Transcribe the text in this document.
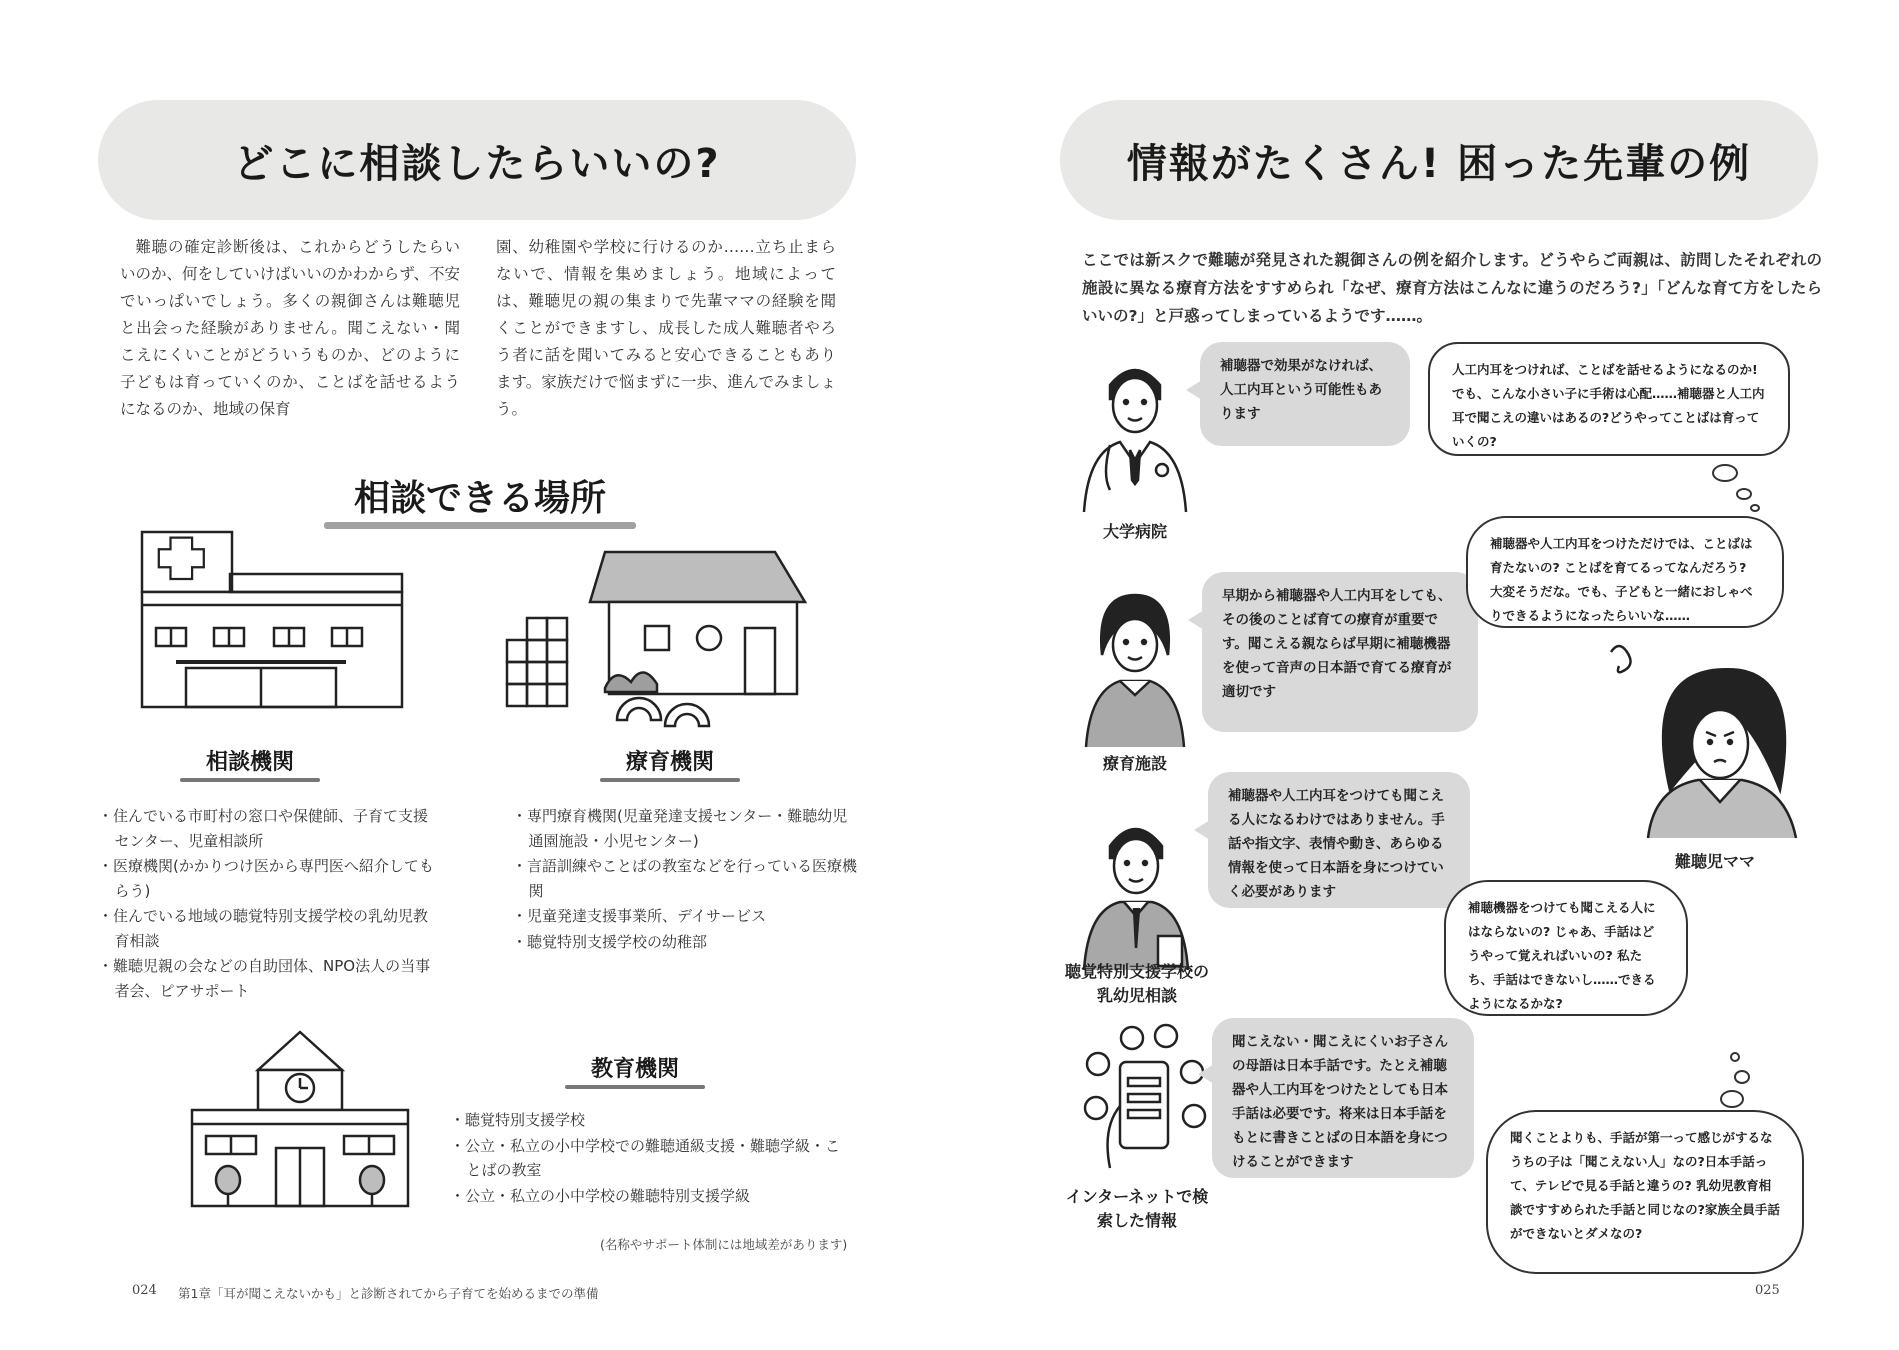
どこに相談したらいいの?

難聴の確定診断後は、これからどうしたらいいのか、何をしていけばいいのかわからず、不安でいっぱいでしょう。多くの親御さんは難聴児と出会った経験がありません。聞こえない・聞こえにくいことがどういうものか、どのように子どもは育っていくのか、ことばを話せるようになるのか、地域の保育

園、幼稚園や学校に行けるのか……立ち止まらないで、情報を集めましょう。地域によっては、難聴児の親の集まりで先輩ママの経験を聞くことができますし、成長した成人難聴者やろう者に話を聞いてみると安心できることもあります。家族だけで悩まずに一歩、進んでみましょう。

相談できる場所
相談機関
・ 住んでいる市町村の窓口や保健師、子育て支援センター、児童相談所
・ 医療機関(かかりつけ医から専門医へ紹介してもらう)
・ 住んでいる地域の聴覚特別支援学校の乳幼児教育相談
・ 難聴児親の会などの自助団体、NPO法人の当事者会、ピアサポート
療育機関
・ 専門療育機関(児童発達支援センター・難聴幼児通園施設・小児センター)
・ 言語訓練やことばの教室などを行っている医療機関
・ 児童発達支援事業所、デイサービス
・ 聴覚特別支援学校の幼稚部
教育機関
・ 聴覚特別支援学校
・ 公立・私立の小中学校での難聴通級支援・難聴学級・ことばの教室
・ 公立・私立の小中学校の難聴特別支援学級
(名称やサポート体制には地域差があります)
024 第1章「耳が聞こえないかも」と診断されてから子育てを始めるまでの準備
情報がたくさん! 困った先輩の例

ここでは新スクで難聴が発見された親御さんの例を紹介します。どうやらご両親は、訪問したそれぞれの施設に異なる療育方法をすすめられ「なぜ、療育方法はこんなに違うのだろう?」「どんな育て方をしたらいいの?」と戸惑ってしまっているようです……。

大学病院
補聴器で効果がなければ、人工内耳という可能性もあります
人工内耳をつければ、ことばを話せるようになるのか!でも、こんな小さい子に手術は心配……補聴器と人工内耳で聞こえの違いはあるの?どうやってことばは育っていくの?
療育施設
早期から補聴器や人工内耳をしても、その後のことば育ての療育が重要です。聞こえる親ならば早期に補聴機器を使って音声の日本語で育てる療育が適切です
補聴器や人工内耳をつけただけでは、ことばは育たないの? ことばを育てるってなんだろう? 大変そうだな。でも、子どもと一緒におしゃべりできるようになったらいいな……
難聴児ママ
聴覚特別支援学校の乳幼児相談
補聴器や人工内耳をつけても聞こえる人になるわけではありません。手話や指文字、表情や動き、あらゆる情報を使って日本語を身につけていく必要があります
補聴機器をつけても聞こえる人にはならないの? じゃあ、手話はどうやって覚えればいいの? 私たち、手話はできないし……できるようになるかな?
インターネットで検索した情報
聞こえない・聞こえにくいお子さんの母語は日本手話です。たとえ補聴器や人工内耳をつけたとしても日本手話は必要です。将来は日本手話をもとに書きことばの日本語を身につけることができます
聞くことよりも、手話が第一って感じがするなうちの子は「聞こえない人」なの?日本手話って、テレビで見る手話と違うの? 乳幼児教育相談ですすめられた手話と同じなの?家族全員手話ができないとダメなの?
025
